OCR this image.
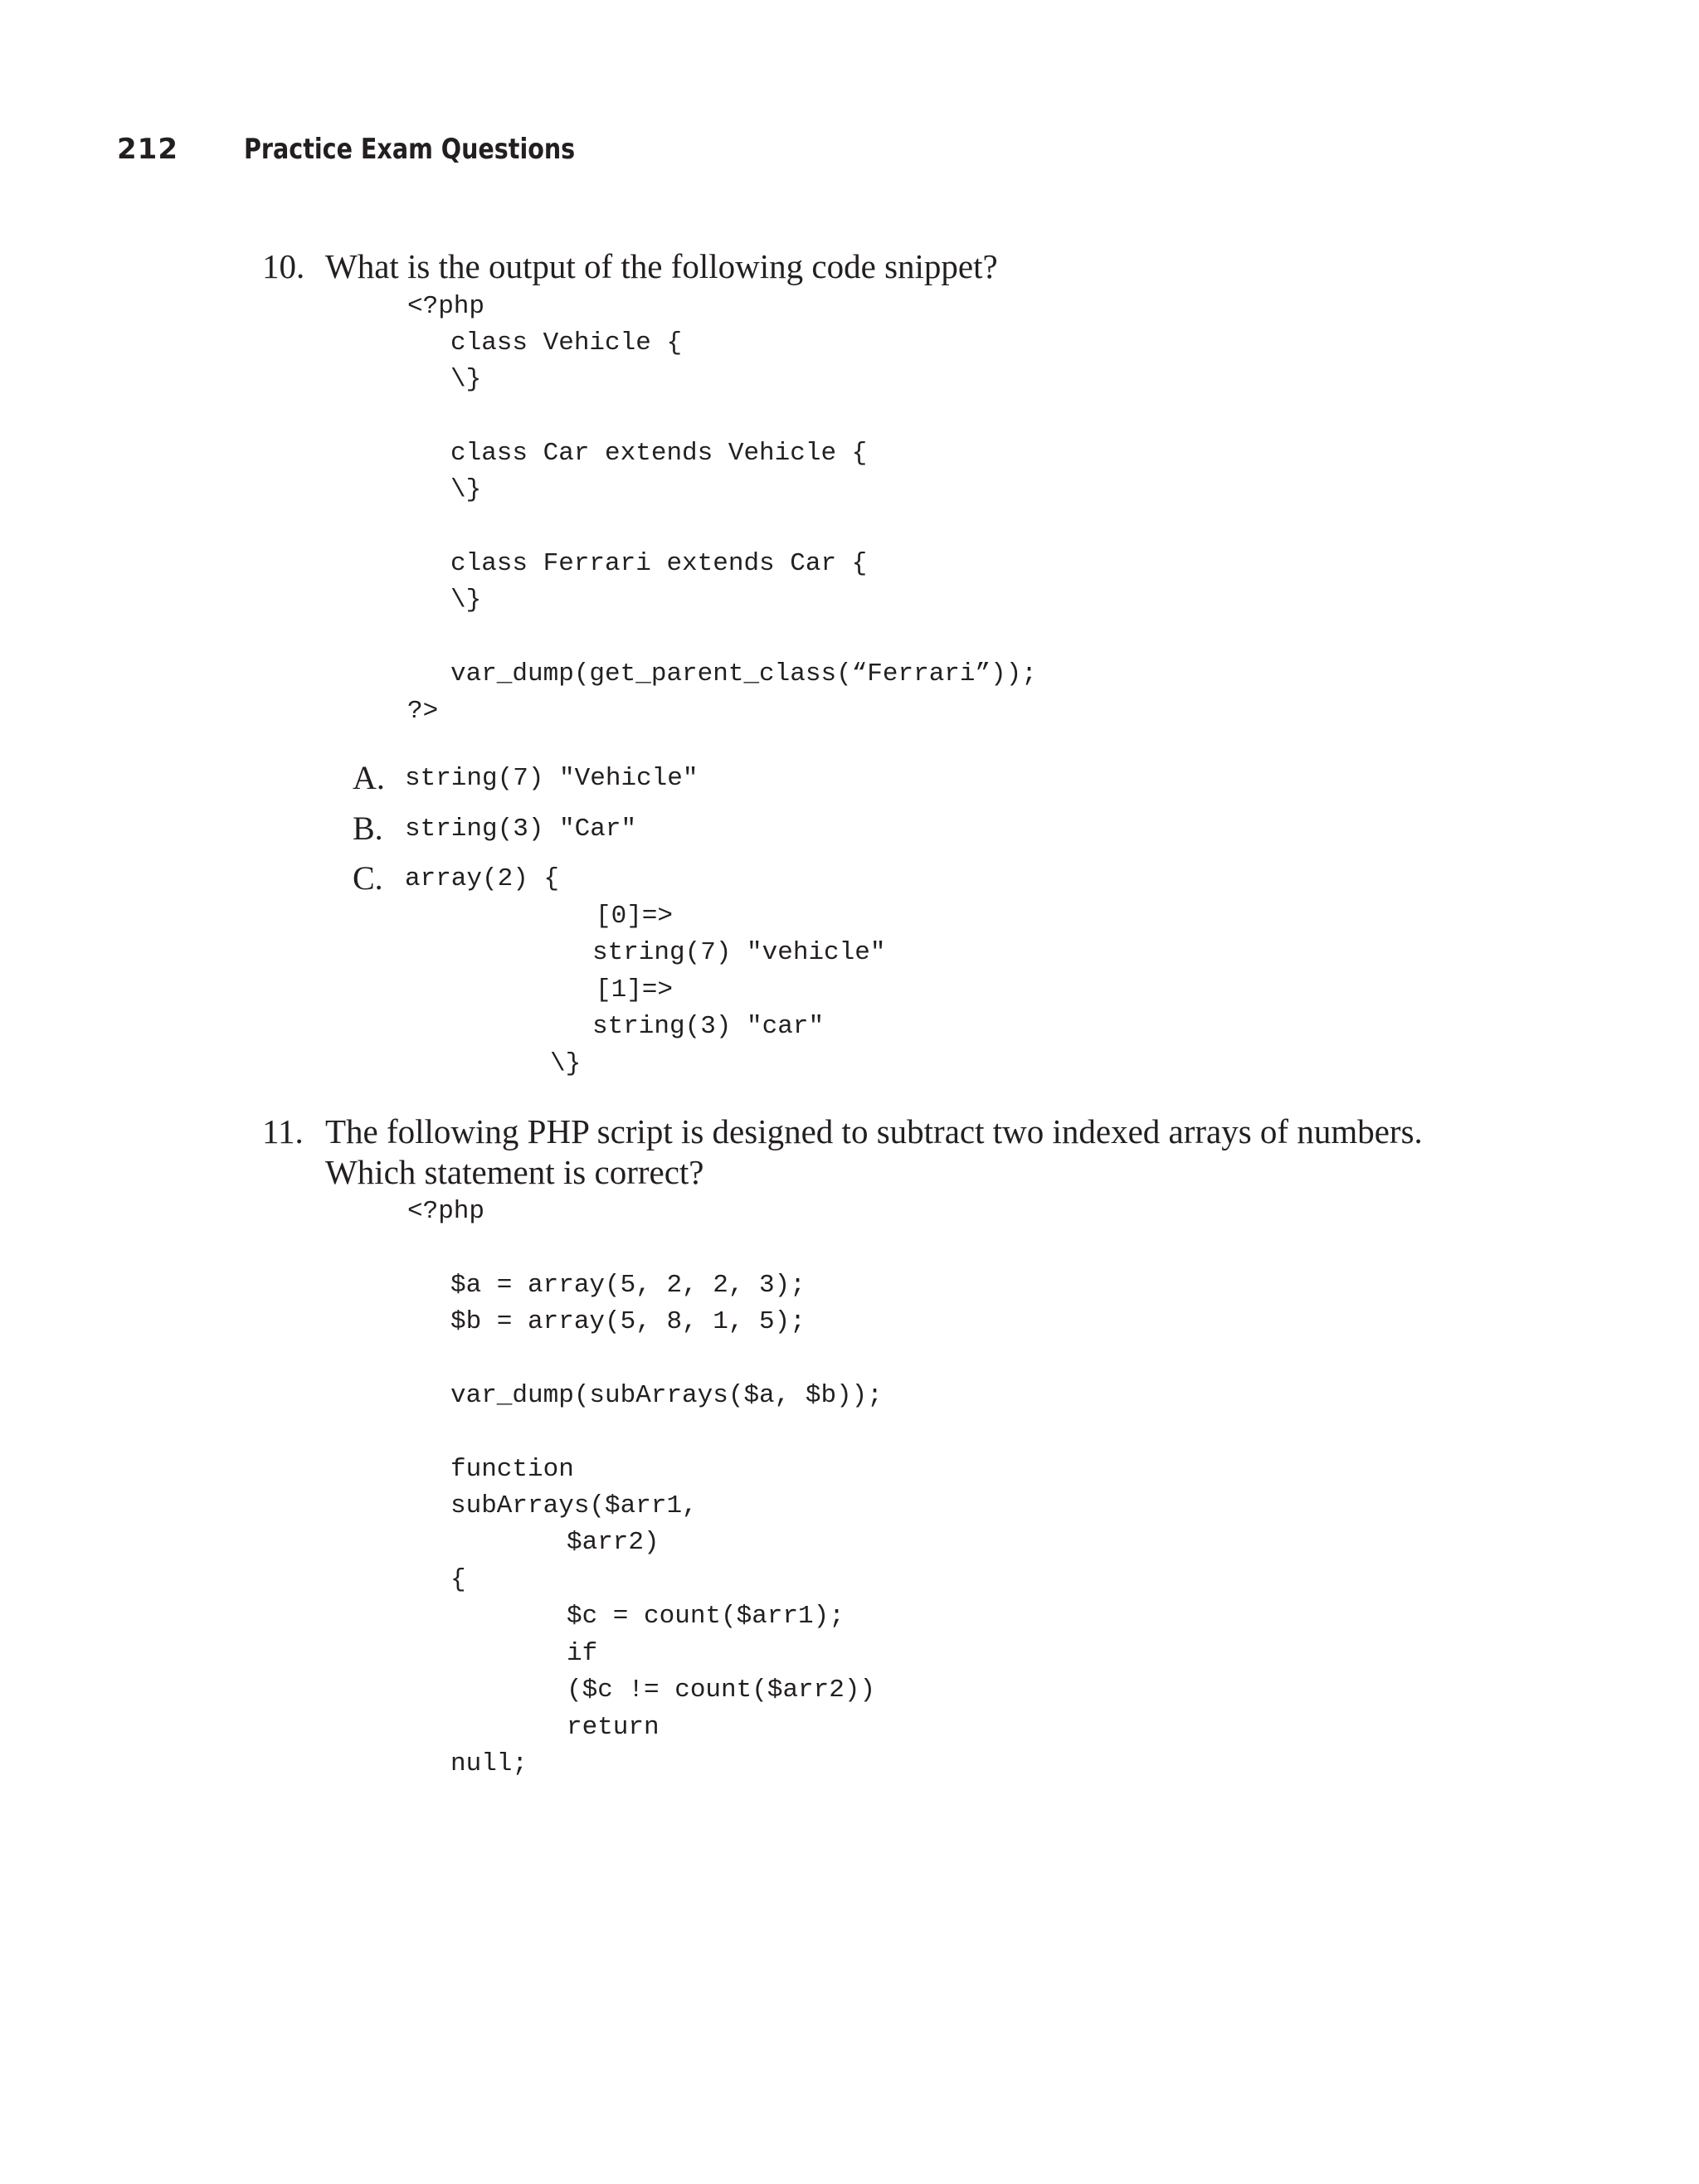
212 Practice Exam Questions
10. What is the output of the following code snippet?
<?php
class Vehicle {
\}
class Car extends Vehicle {
\}
class Ferrari extends Car {
\}
var_dump(get_parent_class(“Ferrari”));
?>
A. string(7) "Vehicle"
B. string(3) "Car"
C. array(2) {
[0]=>
string(7) "vehicle"
[1]=>
string(3) "car"
\}
11. The following PHP script is designed to subtract two indexed arrays of numbers.
Which statement is correct?
<?php
$a = array(5, 2, 2, 3);
$b = array(5, 8, 1, 5);
var_dump(subArrays($a, $b));
function
subArrays($arr1,
$arr2)
{
$c = count($arr1);
if
($c != count($arr2))
return
null;
